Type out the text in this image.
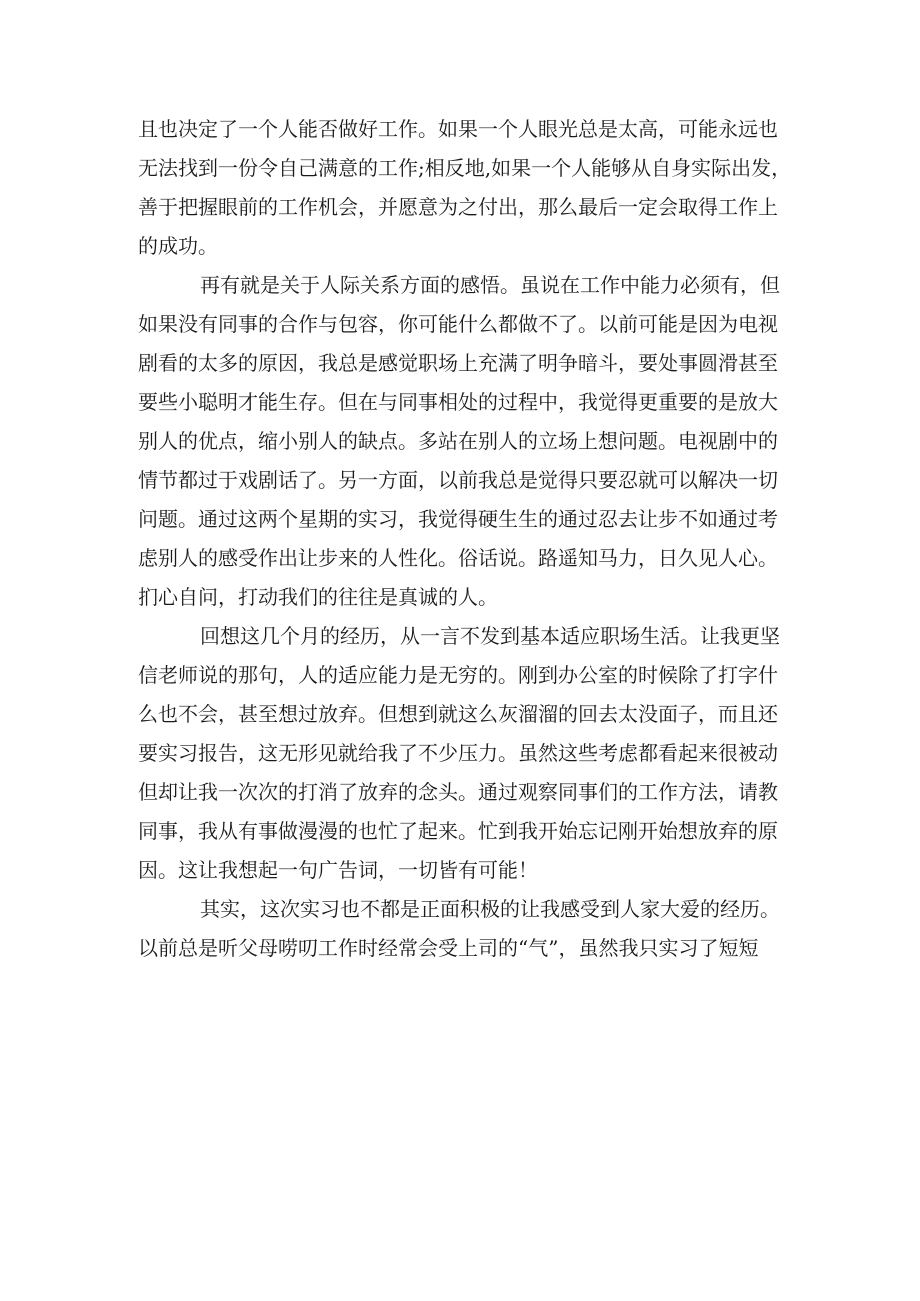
且也决定了一个人能否做好工作。如果一个人眼光总是太高，可能永远也
无法找到一份令自己满意的工作;相反地,如果一个人能够从自身实际出发，
善于把握眼前的工作机会，并愿意为之付出，那么最后一定会取得工作上
的成功。
再有就是关于人际关系方面的感悟。虽说在工作中能力必须有，但
如果没有同事的合作与包容，你可能什么都做不了。以前可能是因为电视
剧看的太多的原因，我总是感觉职场上充满了明争暗斗，要处事圆滑甚至
要些小聪明才能生存。但在与同事相处的过程中，我觉得更重要的是放大
别人的优点，缩小别人的缺点。多站在别人的立场上想问题。电视剧中的
情节都过于戏剧话了。另一方面，以前我总是觉得只要忍就可以解决一切
问题。通过这两个星期的实习，我觉得硬生生的通过忍去让步不如通过考
虑别人的感受作出让步来的人性化。俗话说。路遥知马力，日久见人心。
扪心自问，打动我们的往往是真诚的人。
回想这几个月的经历，从一言不发到基本适应职场生活。让我更坚
信老师说的那句，人的适应能力是无穷的。刚到办公室的时候除了打字什
么也不会，甚至想过放弃。但想到就这么灰溜溜的回去太没面子，而且还
要实习报告，这无形见就给我了不少压力。虽然这些考虑都看起来很被动
但却让我一次次的打消了放弃的念头。通过观察同事们的工作方法，请教
同事，我从有事做漫漫的也忙了起来。忙到我开始忘记刚开始想放弃的原
因。这让我想起一句广告词，一切皆有可能！
其实，这次实习也不都是正面积极的让我感受到人家大爱的经历。
以前总是听父母唠叨工作时经常会受上司的“气”，虽然我只实习了短短
